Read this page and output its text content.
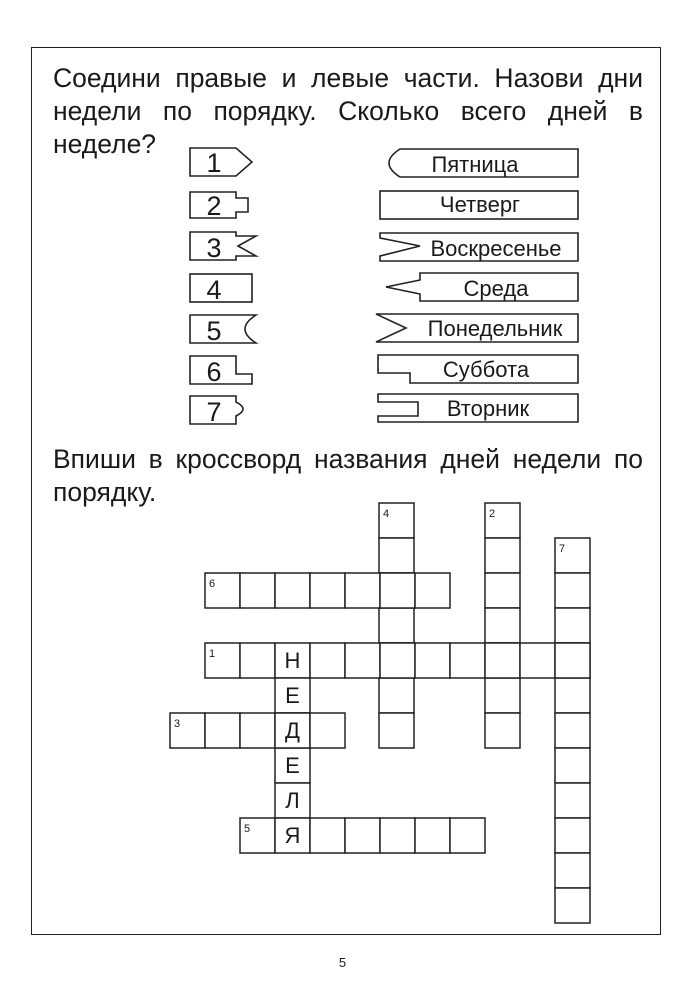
Соедини правые и левые части. Назови дни недели по порядку. Сколько всего дней в неделе?

1
2
3
4
5
6
7
Пятница
Четверг
Воскресенье
Среда
Понедельник
Суббота
Вторник

Впиши в кроссворд названия дней недели по порядку.

1
2
3
4
5
6
7
Н
Е
Д
Е
Л
Я
5
